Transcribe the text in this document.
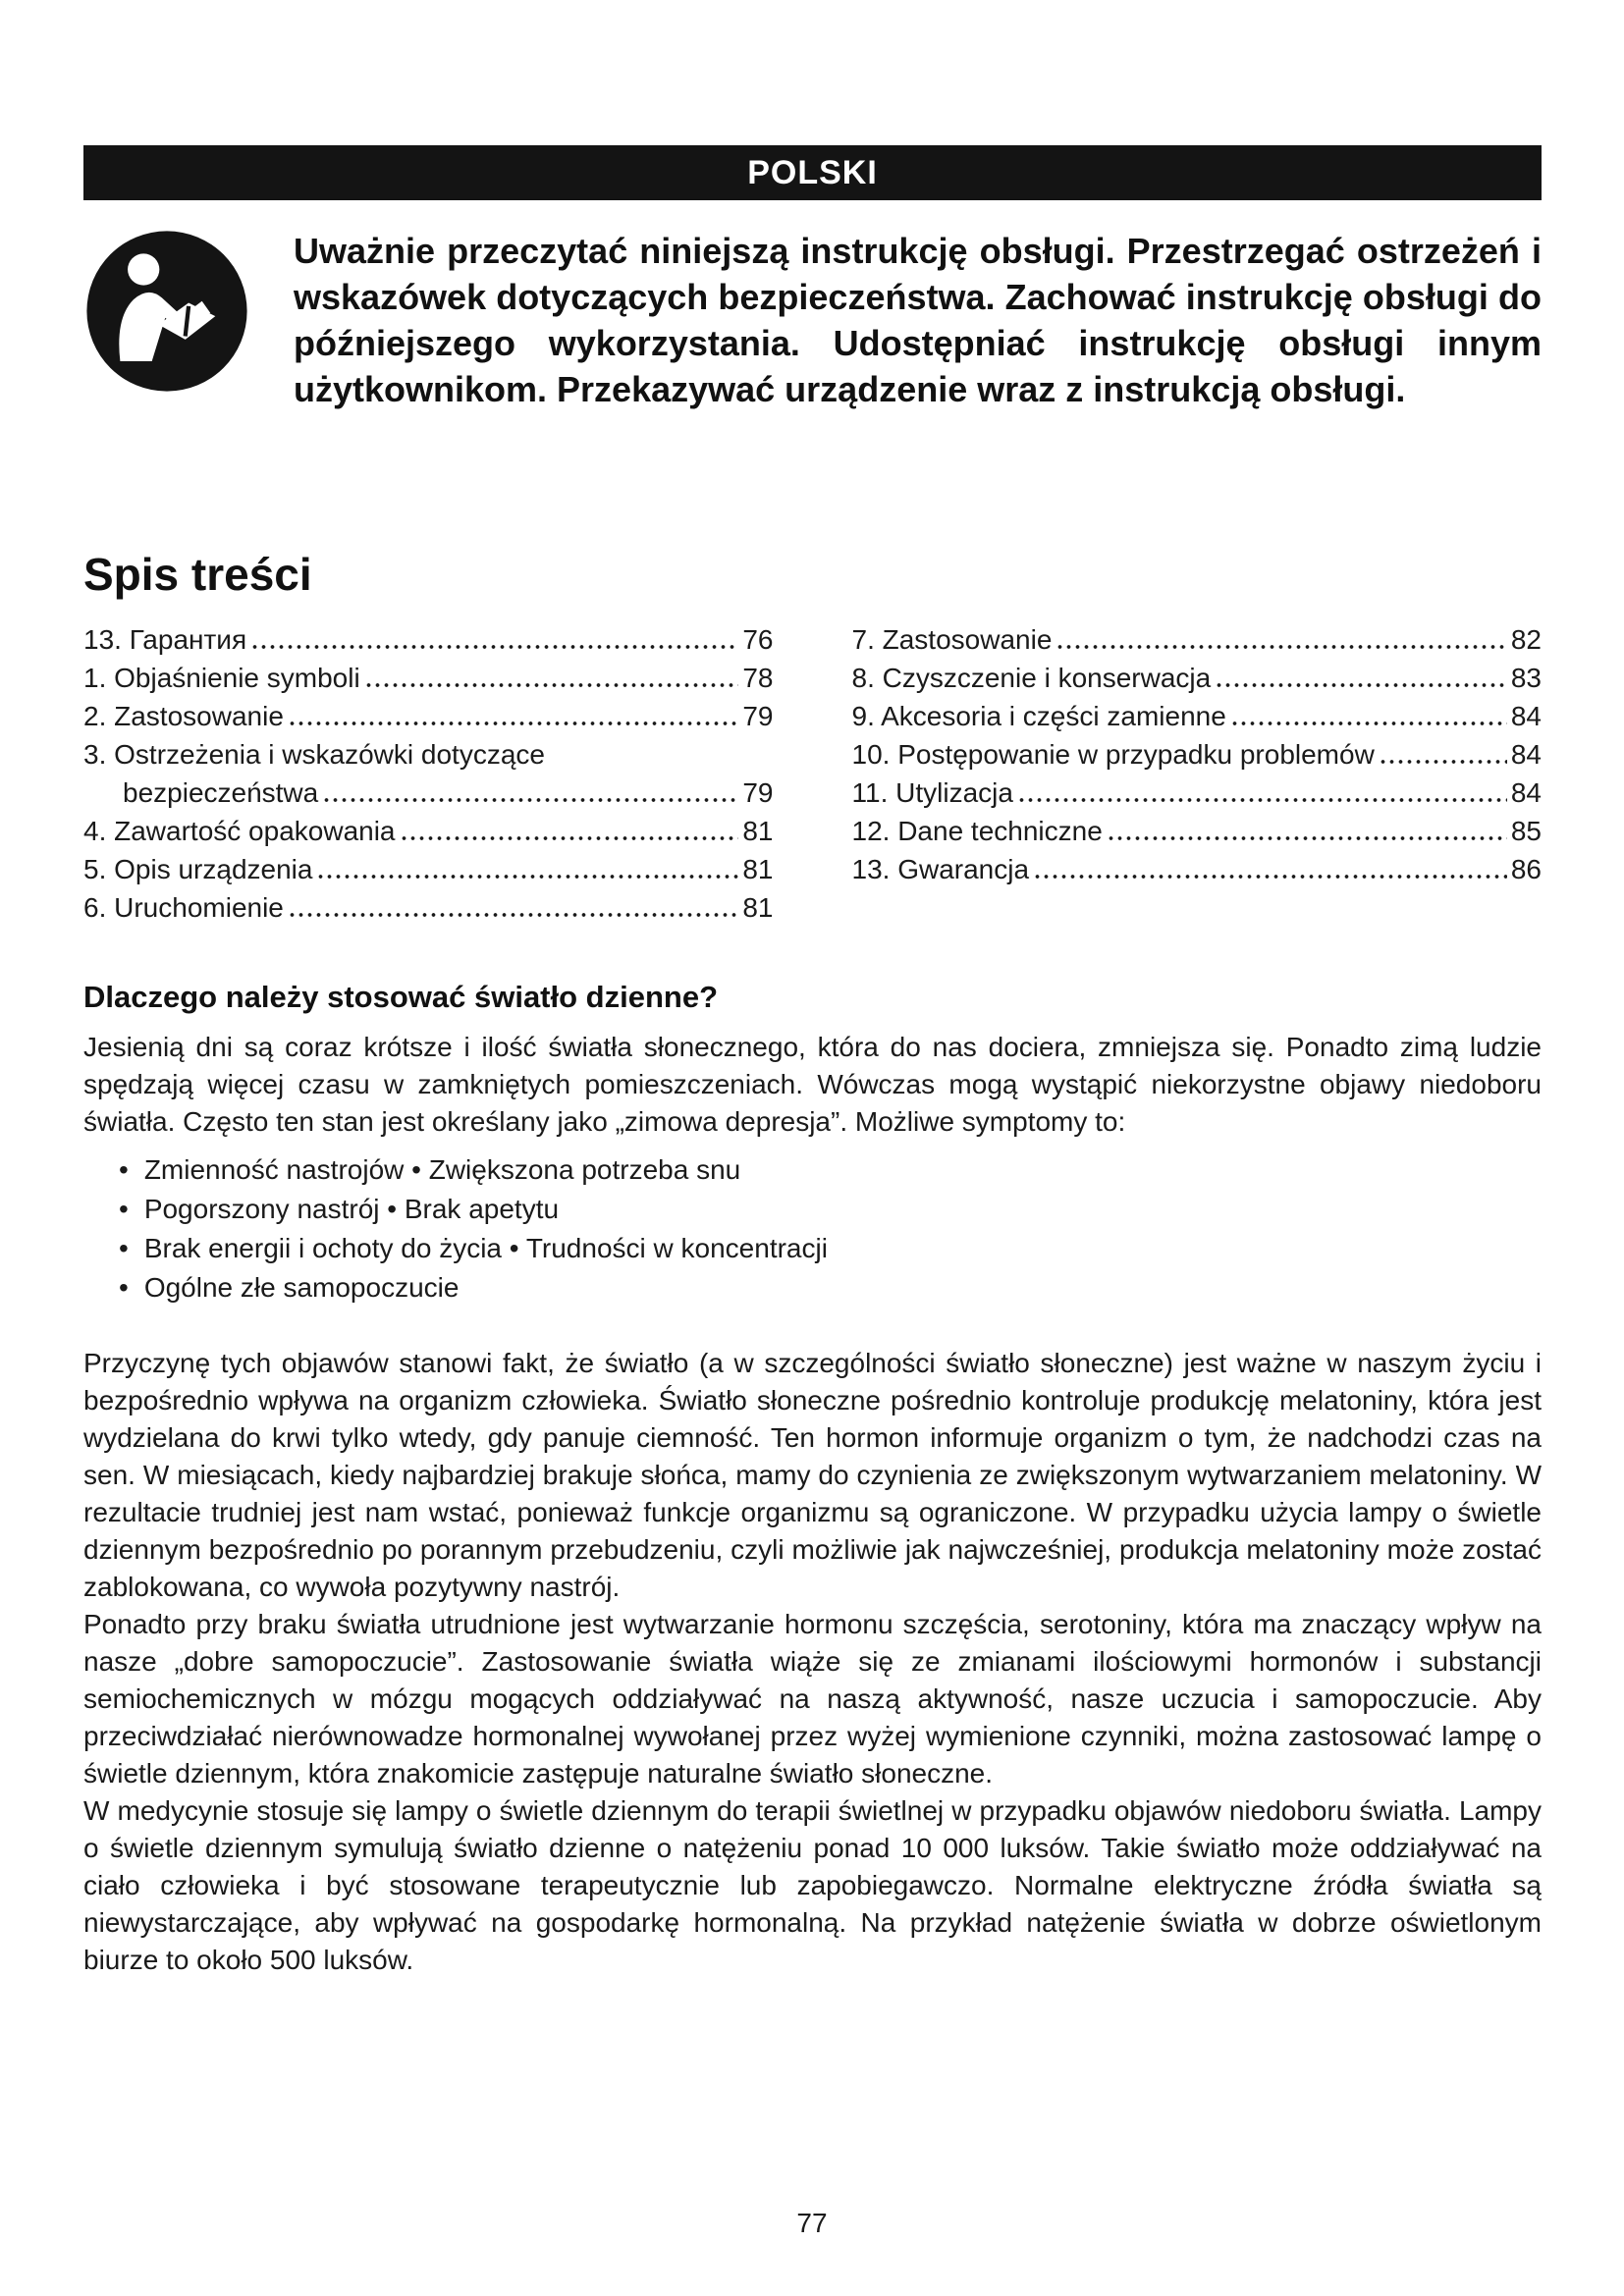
POLSKI

Uważnie przeczytać niniejszą instrukcję obsługi. Przestrzegać ostrzeżeń i wskazówek dotyczących bezpieczeństwa. Zachować instrukcję obsługi do późniejszego wykorzystania. Udostępniać instrukcję obsługi innym użytkownikom. Przekazywać urządzenie wraz z instrukcją obsługi.

Spis treści
13. Гарантия	76
1. Objaśnienie symboli	78
2. Zastosowanie	79
3. Ostrzeżenia i wskazówki dotyczące
bezpieczeństwa	79
4. Zawartość opakowania	81
5. Opis urządzenia	81
6. Uruchomienie	81
7. Zastosowanie	82
8. Czyszczenie i konserwacja	83
9. Akcesoria i części zamienne	84
10. Postępowanie w przypadku problemów	84
11. Utylizacja	84
12. Dane techniczne	85
13. Gwarancja	86
Dlaczego należy stosować światło dzienne?

Jesienią dni są coraz krótsze i ilość światła słonecznego, która do nas dociera, zmniejsza się. Ponadto zimą ludzie spędzają więcej czasu w zamkniętych pomieszczeniach. Wówczas mogą wystąpić niekorzystne objawy niedoboru światła. Często ten stan jest określany jako „zimowa depresja”. Możliwe symptomy to:

• Zmienność nastrojów • Zwiększona potrzeba snu
• Pogorszony nastrój • Brak apetytu
• Brak energii i ochoty do życia • Trudności w koncentracji
• Ogólne złe samopoczucie

Przyczynę tych objawów stanowi fakt, że światło (a w szczególności światło słoneczne) jest ważne w naszym życiu i bezpośrednio wpływa na organizm człowieka. Światło słoneczne pośrednio kontroluje produkcję melatoniny, która jest wydzielana do krwi tylko wtedy, gdy panuje ciemność. Ten hormon informuje organizm o tym, że nadchodzi czas na sen. W miesiącach, kiedy najbardziej brakuje słońca, mamy do czynienia ze zwiększonym wytwarzaniem melatoniny. W rezultacie trudniej jest nam wstać, ponieważ funkcje organizmu są ograniczone. W przypadku użycia lampy o świetle dziennym bezpośrednio po porannym przebudzeniu, czyli możliwie jak najwcześniej, produkcja melatoniny może zostać zablokowana, co wywoła pozytywny nastrój.

Ponadto przy braku światła utrudnione jest wytwarzanie hormonu szczęścia, serotoniny, która ma znaczący wpływ na nasze „dobre samopoczucie”. Zastosowanie światła wiąże się ze zmianami ilościowymi hormonów i substancji semiochemicznych w mózgu mogących oddziaływać na naszą aktywność, nasze uczucia i samopoczucie. Aby przeciwdziałać nierównowadze hormonalnej wywołanej przez wyżej wymienione czynniki, można zastosować lampę o świetle dziennym, która znakomicie zastępuje naturalne światło słoneczne.

W medycynie stosuje się lampy o świetle dziennym do terapii świetlnej w przypadku objawów niedoboru światła. Lampy o świetle dziennym symulują światło dzienne o natężeniu ponad 10 000 luksów. Takie światło może oddziaływać na ciało człowieka i być stosowane terapeutycznie lub zapobiegawczo. Normalne elektryczne źródła światła są niewystarczające, aby wpływać na gospodarkę hormonalną. Na przykład natężenie światła w dobrze oświetlonym biurze to około 500 luksów.

77
